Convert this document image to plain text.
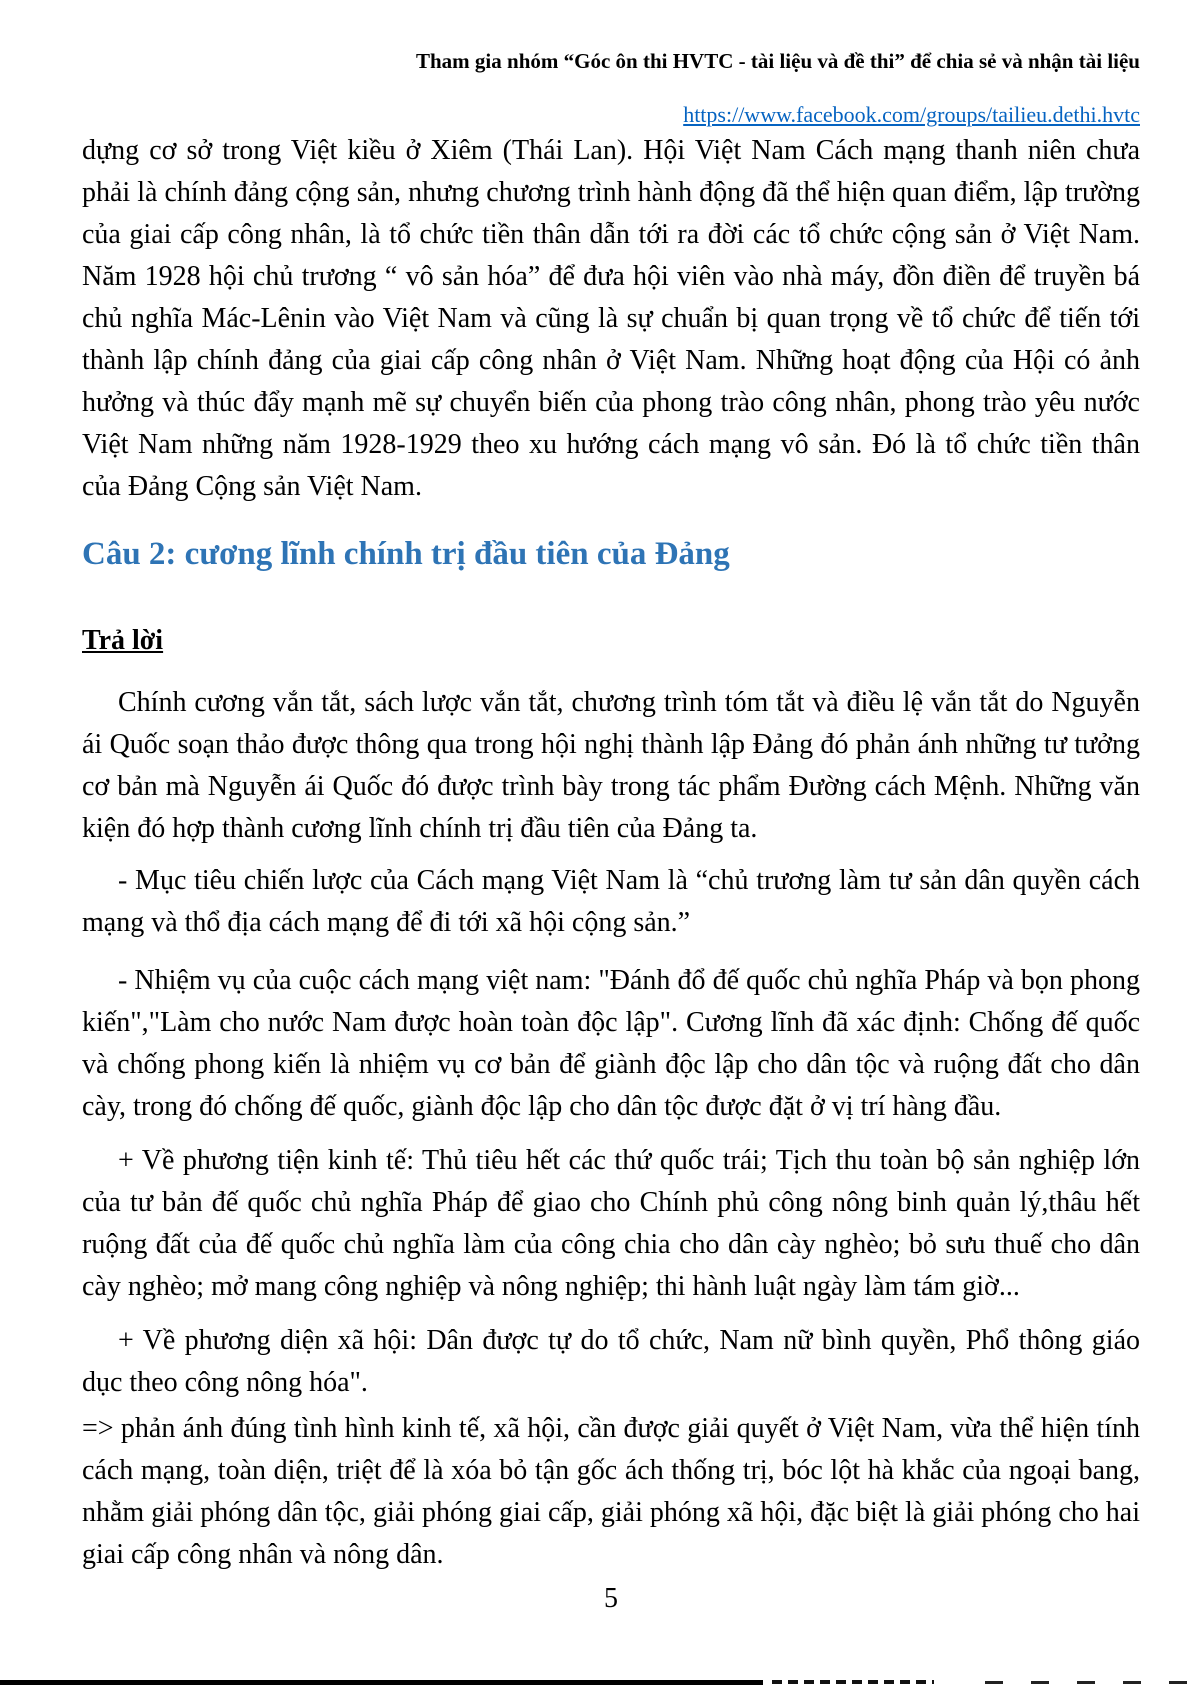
Tham gia nhóm “Góc ôn thi HVTC - tài liệu và đề thi” để chia sẻ và nhận tài liệu

https://www.facebook.com/groups/tailieu.dethi.hvtc

dựng cơ sở trong Việt kiều ở Xiêm (Thái Lan). Hội Việt Nam Cách mạng thanh niên chưa phải là chính đảng cộng sản, nhưng chương trình hành động đã thể hiện quan điểm, lập trường của giai cấp công nhân, là tổ chức tiền thân dẫn tới ra đời các tổ chức cộng sản ở Việt Nam. Năm 1928 hội chủ trương “ vô sản hóa” để đưa hội viên vào nhà máy, đồn điền để truyền bá chủ nghĩa Mác-Lênin vào Việt Nam và cũng là sự chuẩn bị quan trọng về tổ chức để tiến tới thành lập chính đảng của giai cấp công nhân ở Việt Nam. Những hoạt động của Hội có ảnh hưởng và thúc đẩy mạnh mẽ sự chuyển biến của phong trào công nhân, phong trào yêu nước Việt Nam những năm 1928-1929 theo xu hướng cách mạng vô sản. Đó là tổ chức tiền thân của Đảng Cộng sản Việt Nam.

Câu 2: cương lĩnh chính trị đầu tiên của Đảng
Trả lời

Chính cương vắn tắt, sách lược vắn tắt, chương trình tóm tắt và điều lệ vắn tắt do Nguyễn ái Quốc soạn thảo được thông qua trong hội nghị thành lập Đảng đó phản ánh những tư tưởng cơ bản mà Nguyễn ái Quốc đó được trình bày trong tác phẩm Đường cách Mệnh. Những văn kiện đó hợp thành cương lĩnh chính trị đầu tiên của Đảng ta.

- Mục tiêu chiến lược của Cách mạng Việt Nam là “chủ trương làm tư sản dân quyền cách mạng và thổ địa cách mạng để đi tới xã hội cộng sản.”

- Nhiệm vụ của cuộc cách mạng việt nam: "Đánh đổ đế quốc chủ nghĩa Pháp và bọn phong kiến","Làm cho nước Nam được hoàn toàn độc lập". Cương lĩnh đã xác định: Chống đế quốc và chống phong kiến là nhiệm vụ cơ bản để giành độc lập cho dân tộc và ruộng đất cho dân cày, trong đó chống đế quốc, giành độc lập cho dân tộc được đặt ở vị trí hàng đầu.

+ Về phương tiện kinh tế: Thủ tiêu hết các thứ quốc trái; Tịch thu toàn bộ sản nghiệp lớn của tư bản đế quốc chủ nghĩa Pháp để giao cho Chính phủ công nông binh quản lý,thâu hết ruộng đất của đế quốc chủ nghĩa làm của công chia cho dân cày nghèo; bỏ sưu thuế cho dân cày nghèo; mở mang công nghiệp và nông nghiệp; thi hành luật ngày làm tám giờ...

+ Về phương diện xã hội: Dân được tự do tổ chức, Nam nữ bình quyền, Phổ thông giáo dục theo công nông hóa".

=> phản ánh đúng tình hình kinh tế, xã hội, cần được giải quyết ở Việt Nam, vừa thể hiện tính cách mạng, toàn diện, triệt để là xóa bỏ tận gốc ách thống trị, bóc lột hà khắc của ngoại bang, nhằm giải phóng dân tộc, giải phóng giai cấp, giải phóng xã hội, đặc biệt là giải phóng cho hai giai cấp công nhân và nông dân.

5
